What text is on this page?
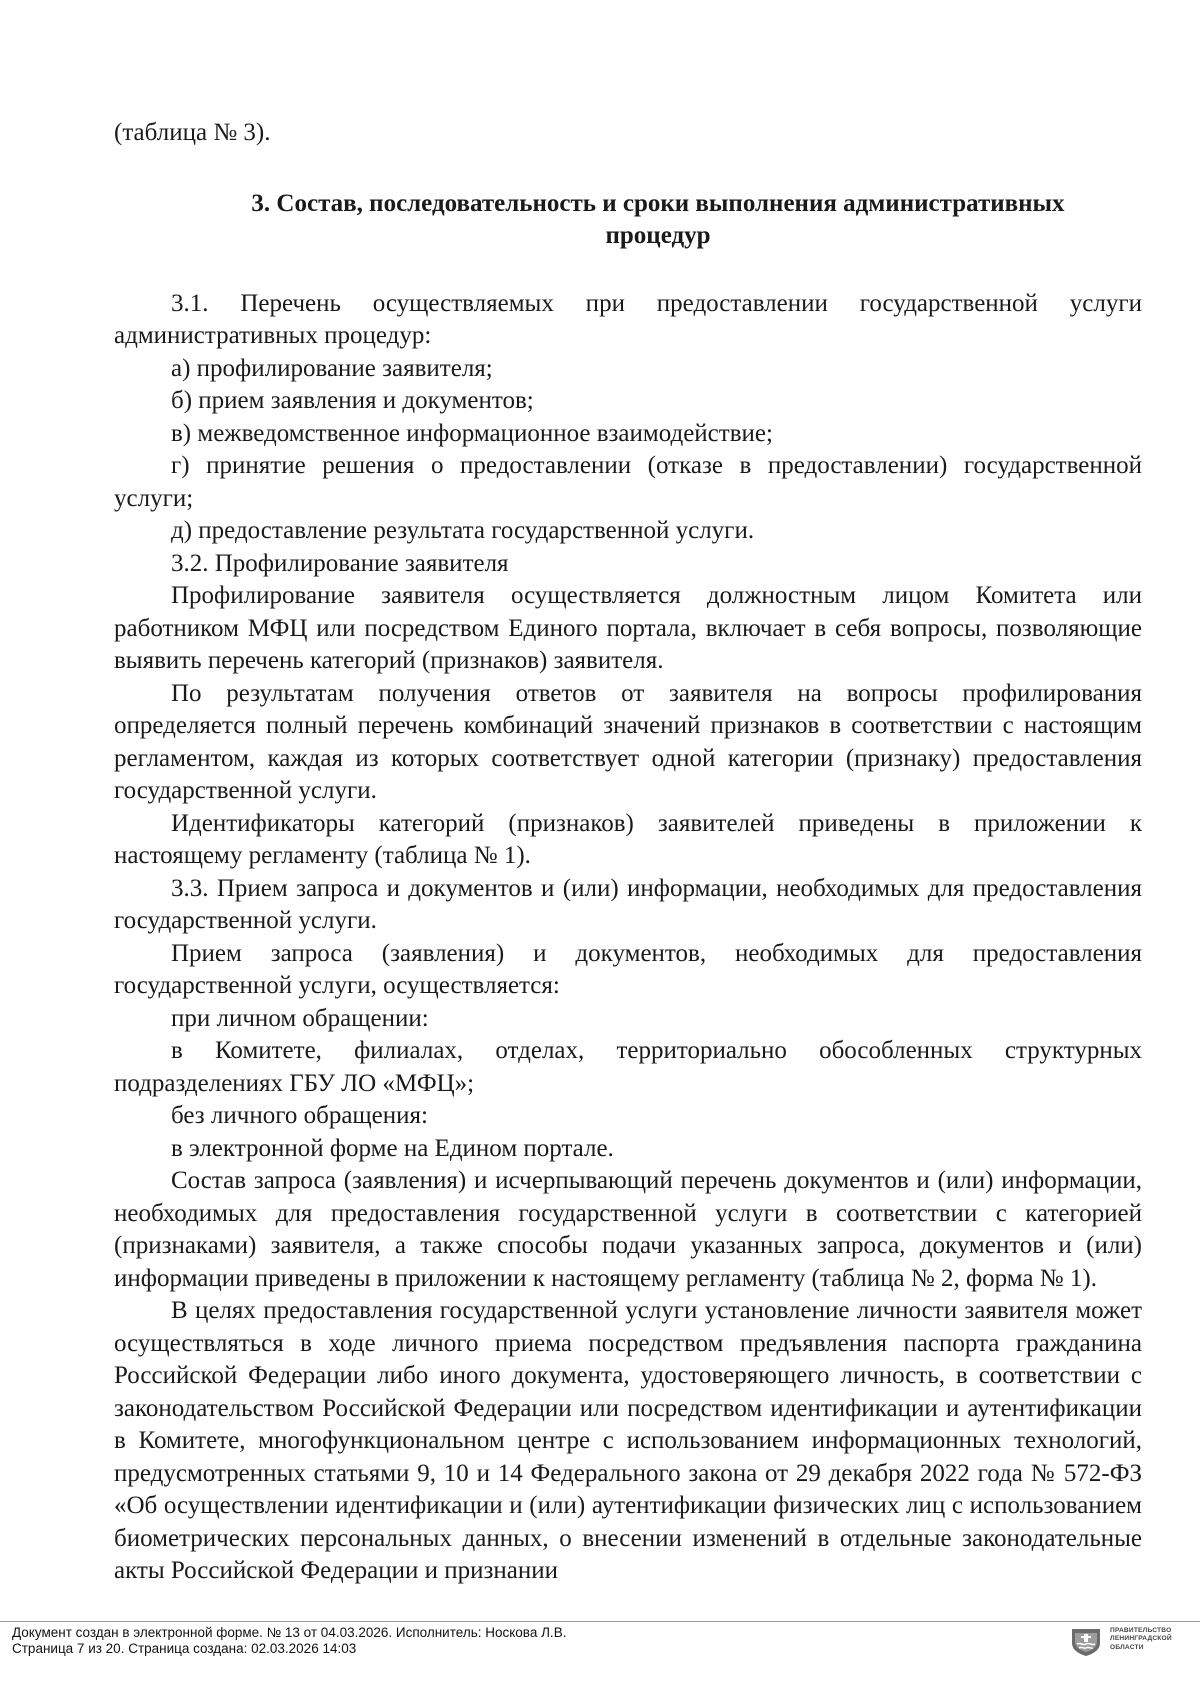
(таблица № 3).

3. Состав, последовательность и сроки выполнения административных
процедур

3.1. Перечень осуществляемых при предоставлении государственной услуги административных процедур:

а) профилирование заявителя;

б) прием заявления и документов;

в) межведомственное информационное взаимодействие;

г) принятие решения о предоставлении (отказе в предоставлении) государственной услуги;

д) предоставление результата государственной услуги.

3.2. Профилирование заявителя

Профилирование заявителя осуществляется должностным лицом Комитета или работником МФЦ или посредством Единого портала, включает в себя вопросы, позволяющие выявить перечень категорий (признаков) заявителя.

По результатам получения ответов от заявителя на вопросы профилирования определяется полный перечень комбинаций значений признаков в соответствии с настоящим регламентом, каждая из которых соответствует одной категории (признаку) предоставления государственной услуги.

Идентификаторы категорий (признаков) заявителей приведены в приложении к настоящему регламенту (таблица № 1).

3.3. Прием запроса и документов и (или) информации, необходимых для предоставления государственной услуги.

Прием запроса (заявления) и документов, необходимых для предоставления государственной услуги, осуществляется:

при личном обращении:

в Комитете, филиалах, отделах, территориально обособленных структурных подразделениях ГБУ ЛО «МФЦ»;

без личного обращения:

в электронной форме на Едином портале.

Состав запроса (заявления) и исчерпывающий перечень документов и (или) информации, необходимых для предоставления государственной услуги в соответствии с категорией (признаками) заявителя, а также способы подачи указанных запроса, документов и (или) информации приведены в приложении к настоящему регламенту (таблица № 2, форма № 1).

В целях предоставления государственной услуги установление личности заявителя может осуществляться в ходе личного приема посредством предъявления паспорта гражданина Российской Федерации либо иного документа, удостоверяющего личность, в соответствии с законодательством Российской Федерации или посредством идентификации и аутентификации в Комитете, многофункциональном центре с использованием информационных технологий, предусмотренных статьями 9, 10 и 14 Федерального закона от 29 декабря 2022 года № 572-ФЗ «Об осуществлении идентификации и (или) аутентификации физических лиц с использованием биометрических персональных данных, о внесении изменений в отдельные законодательные акты Российской Федерации и признании

Документ создан в электронной форме. № 13 от 04.03.2026. Исполнитель: Носкова Л.В.
Страница 7 из 20. Страница создана: 02.03.2026 14:03
ПРАВИТЕЛЬСТВО
ЛЕНИНГРАДСКОЙ
ОБЛАСТИ
